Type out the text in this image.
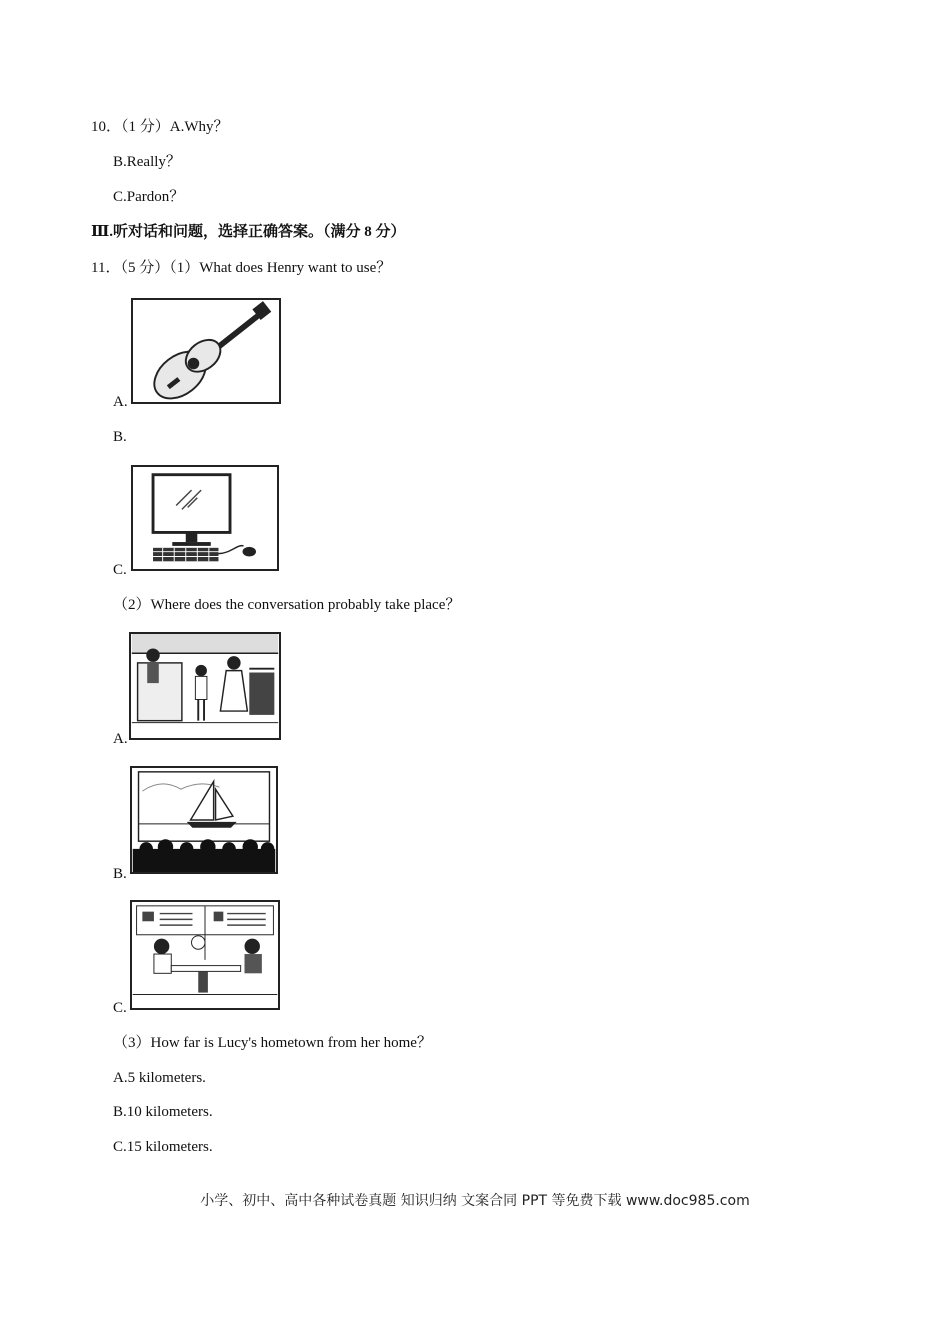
10．（1 分）A.Why？
B.Really？
C.Pardon？
Ⅲ.听对话和问题，选择正确答案。（满分 8 分）
11．（5 分）（1）What does Henry want to use？
A.
B.
C.
（2）Where does the conversation probably take place？
A.
B.
C.
（3）How far is Lucy's hometown from her home？
A.5 kilometers.
B.10 kilometers.
C.15 kilometers.
小学、初中、高中各种试卷真题 知识归纳 文案合同 PPT 等免费下载 www.doc985.com
